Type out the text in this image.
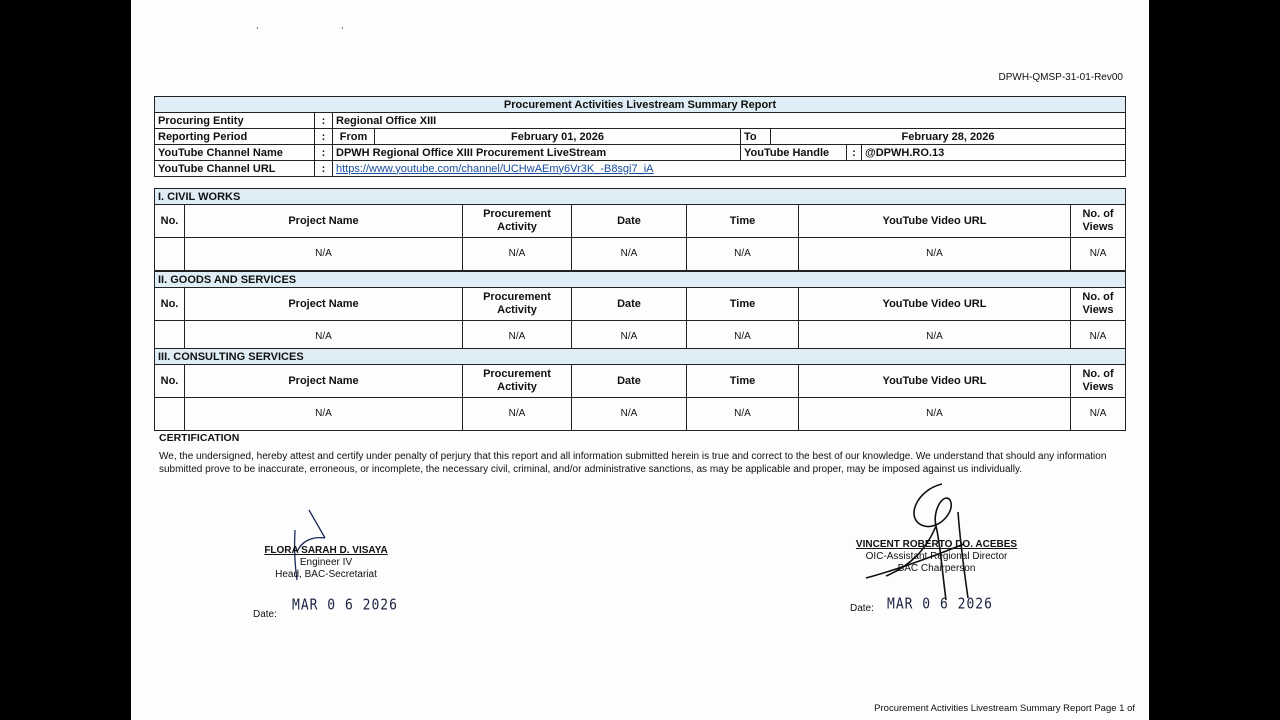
, ,
DPWH-QMSP-31-01-Rev00
Procurement Activities Livestream Summary Report							
Procuring Entity	:	Regional Office XIII					
Reporting Period	:	From	February 01, 2026	To	February 28, 2026		
YouTube Channel Name	:	DPWH Regional Office XIII Procurement LiveStream		YouTube Handle		:	@DPWH.RO.13
YouTube Channel URL	:	https://www.youtube.com/channel/UCHwAEmy6Vr3K_-B8sgi7_iA					
I. CIVIL WORKS						
No.	Project Name	Procurement Activity	Date	Time	YouTube Video URL	No. of Views
	N/A	N/A	N/A	N/A	N/A	N/A
II. GOODS AND SERVICES						
No.	Project Name	Procurement Activity	Date	Time	YouTube Video URL	No. of Views
	N/A	N/A	N/A	N/A	N/A	N/A
III. CONSULTING SERVICES						
No.	Project Name	Procurement Activity	Date	Time	YouTube Video URL	No. of Views
	N/A	N/A	N/A	N/A	N/A	N/A
CERTIFICATION
We, the undersigned, hereby attest and certify under penalty of perjury that this report and all information submitted herein is true and correct to the best of our knowledge. We understand that should any information submitted prove to be inaccurate, erroneous, or incomplete, the necessary civil, criminal, and/or administrative sanctions, as may be applicable and proper, may be imposed against us individually.
FLORA SARAH D. VISAYA
Engineer IV
Head, BAC-Secretariat
Date:
MAR 0 6 2026
VINCENT ROBERTO DO. ACEBES
OIC-Assistant Regional Director
BAC Chairperson
Date: MAR 0 6 2026
Procurement Activities Livestream Summary Report Page 1 of
